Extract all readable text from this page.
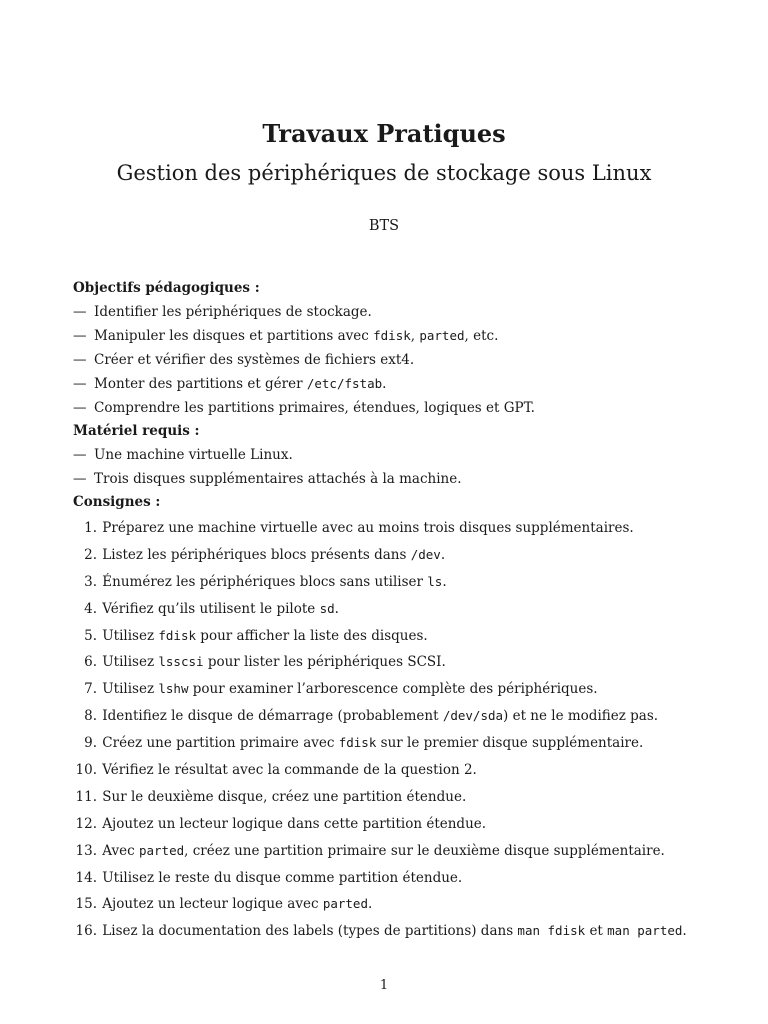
Travaux Pratiques
Gestion des périphériques de stockage sous Linux
BTS
Objectifs pédagogiques :
— Identifier les périphériques de stockage.
— Manipuler les disques et partitions avec fdisk, parted, etc.
— Créer et vérifier des systèmes de fichiers ext4.
— Monter des partitions et gérer /etc/fstab.
— Comprendre les partitions primaires, étendues, logiques et GPT.
Matériel requis :
— Une machine virtuelle Linux.
— Trois disques supplémentaires attachés à la machine.
Consignes :
1. Préparez une machine virtuelle avec au moins trois disques supplémentaires.
2. Listez les périphériques blocs présents dans /dev.
3. Énumérez les périphériques blocs sans utiliser ls.
4. Vérifiez qu’ils utilisent le pilote sd.
5. Utilisez fdisk pour afficher la liste des disques.
6. Utilisez lsscsi pour lister les périphériques SCSI.
7. Utilisez lshw pour examiner l’arborescence complète des périphériques.
8. Identifiez le disque de démarrage (probablement /dev/sda) et ne le modifiez pas.
9. Créez une partition primaire avec fdisk sur le premier disque supplémentaire.
10. Vérifiez le résultat avec la commande de la question 2.
11. Sur le deuxième disque, créez une partition étendue.
12. Ajoutez un lecteur logique dans cette partition étendue.
13. Avec parted, créez une partition primaire sur le deuxième disque supplémentaire.
14. Utilisez le reste du disque comme partition étendue.
15. Ajoutez un lecteur logique avec parted.
16. Lisez la documentation des labels (types de partitions) dans man fdisk et man parted.
1
